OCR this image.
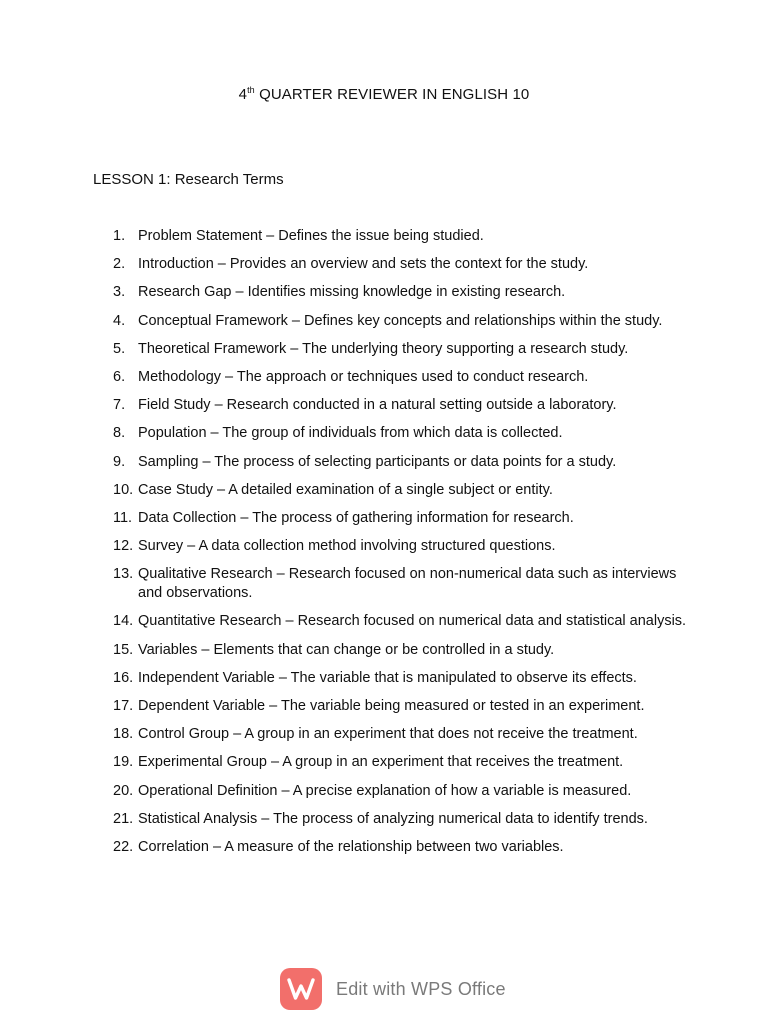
4th QUARTER REVIEWER IN ENGLISH 10
LESSON 1: Research Terms
1. Problem Statement – Defines the issue being studied.
2. Introduction – Provides an overview and sets the context for the study.
3. Research Gap – Identifies missing knowledge in existing research.
4. Conceptual Framework – Defines key concepts and relationships within the study.
5. Theoretical Framework – The underlying theory supporting a research study.
6. Methodology – The approach or techniques used to conduct research.
7. Field Study – Research conducted in a natural setting outside a laboratory.
8. Population – The group of individuals from which data is collected.
9. Sampling – The process of selecting participants or data points for a study.
10. Case Study – A detailed examination of a single subject or entity.
11. Data Collection – The process of gathering information for research.
12. Survey – A data collection method involving structured questions.
13. Qualitative Research – Research focused on non-numerical data such as interviews and observations.
14. Quantitative Research – Research focused on numerical data and statistical analysis.
15. Variables – Elements that can change or be controlled in a study.
16. Independent Variable – The variable that is manipulated to observe its effects.
17. Dependent Variable – The variable being measured or tested in an experiment.
18. Control Group – A group in an experiment that does not receive the treatment.
19. Experimental Group – A group in an experiment that receives the treatment.
20. Operational Definition – A precise explanation of how a variable is measured.
21. Statistical Analysis – The process of analyzing numerical data to identify trends.
22. Correlation – A measure of the relationship between two variables.
Edit with WPS Office
